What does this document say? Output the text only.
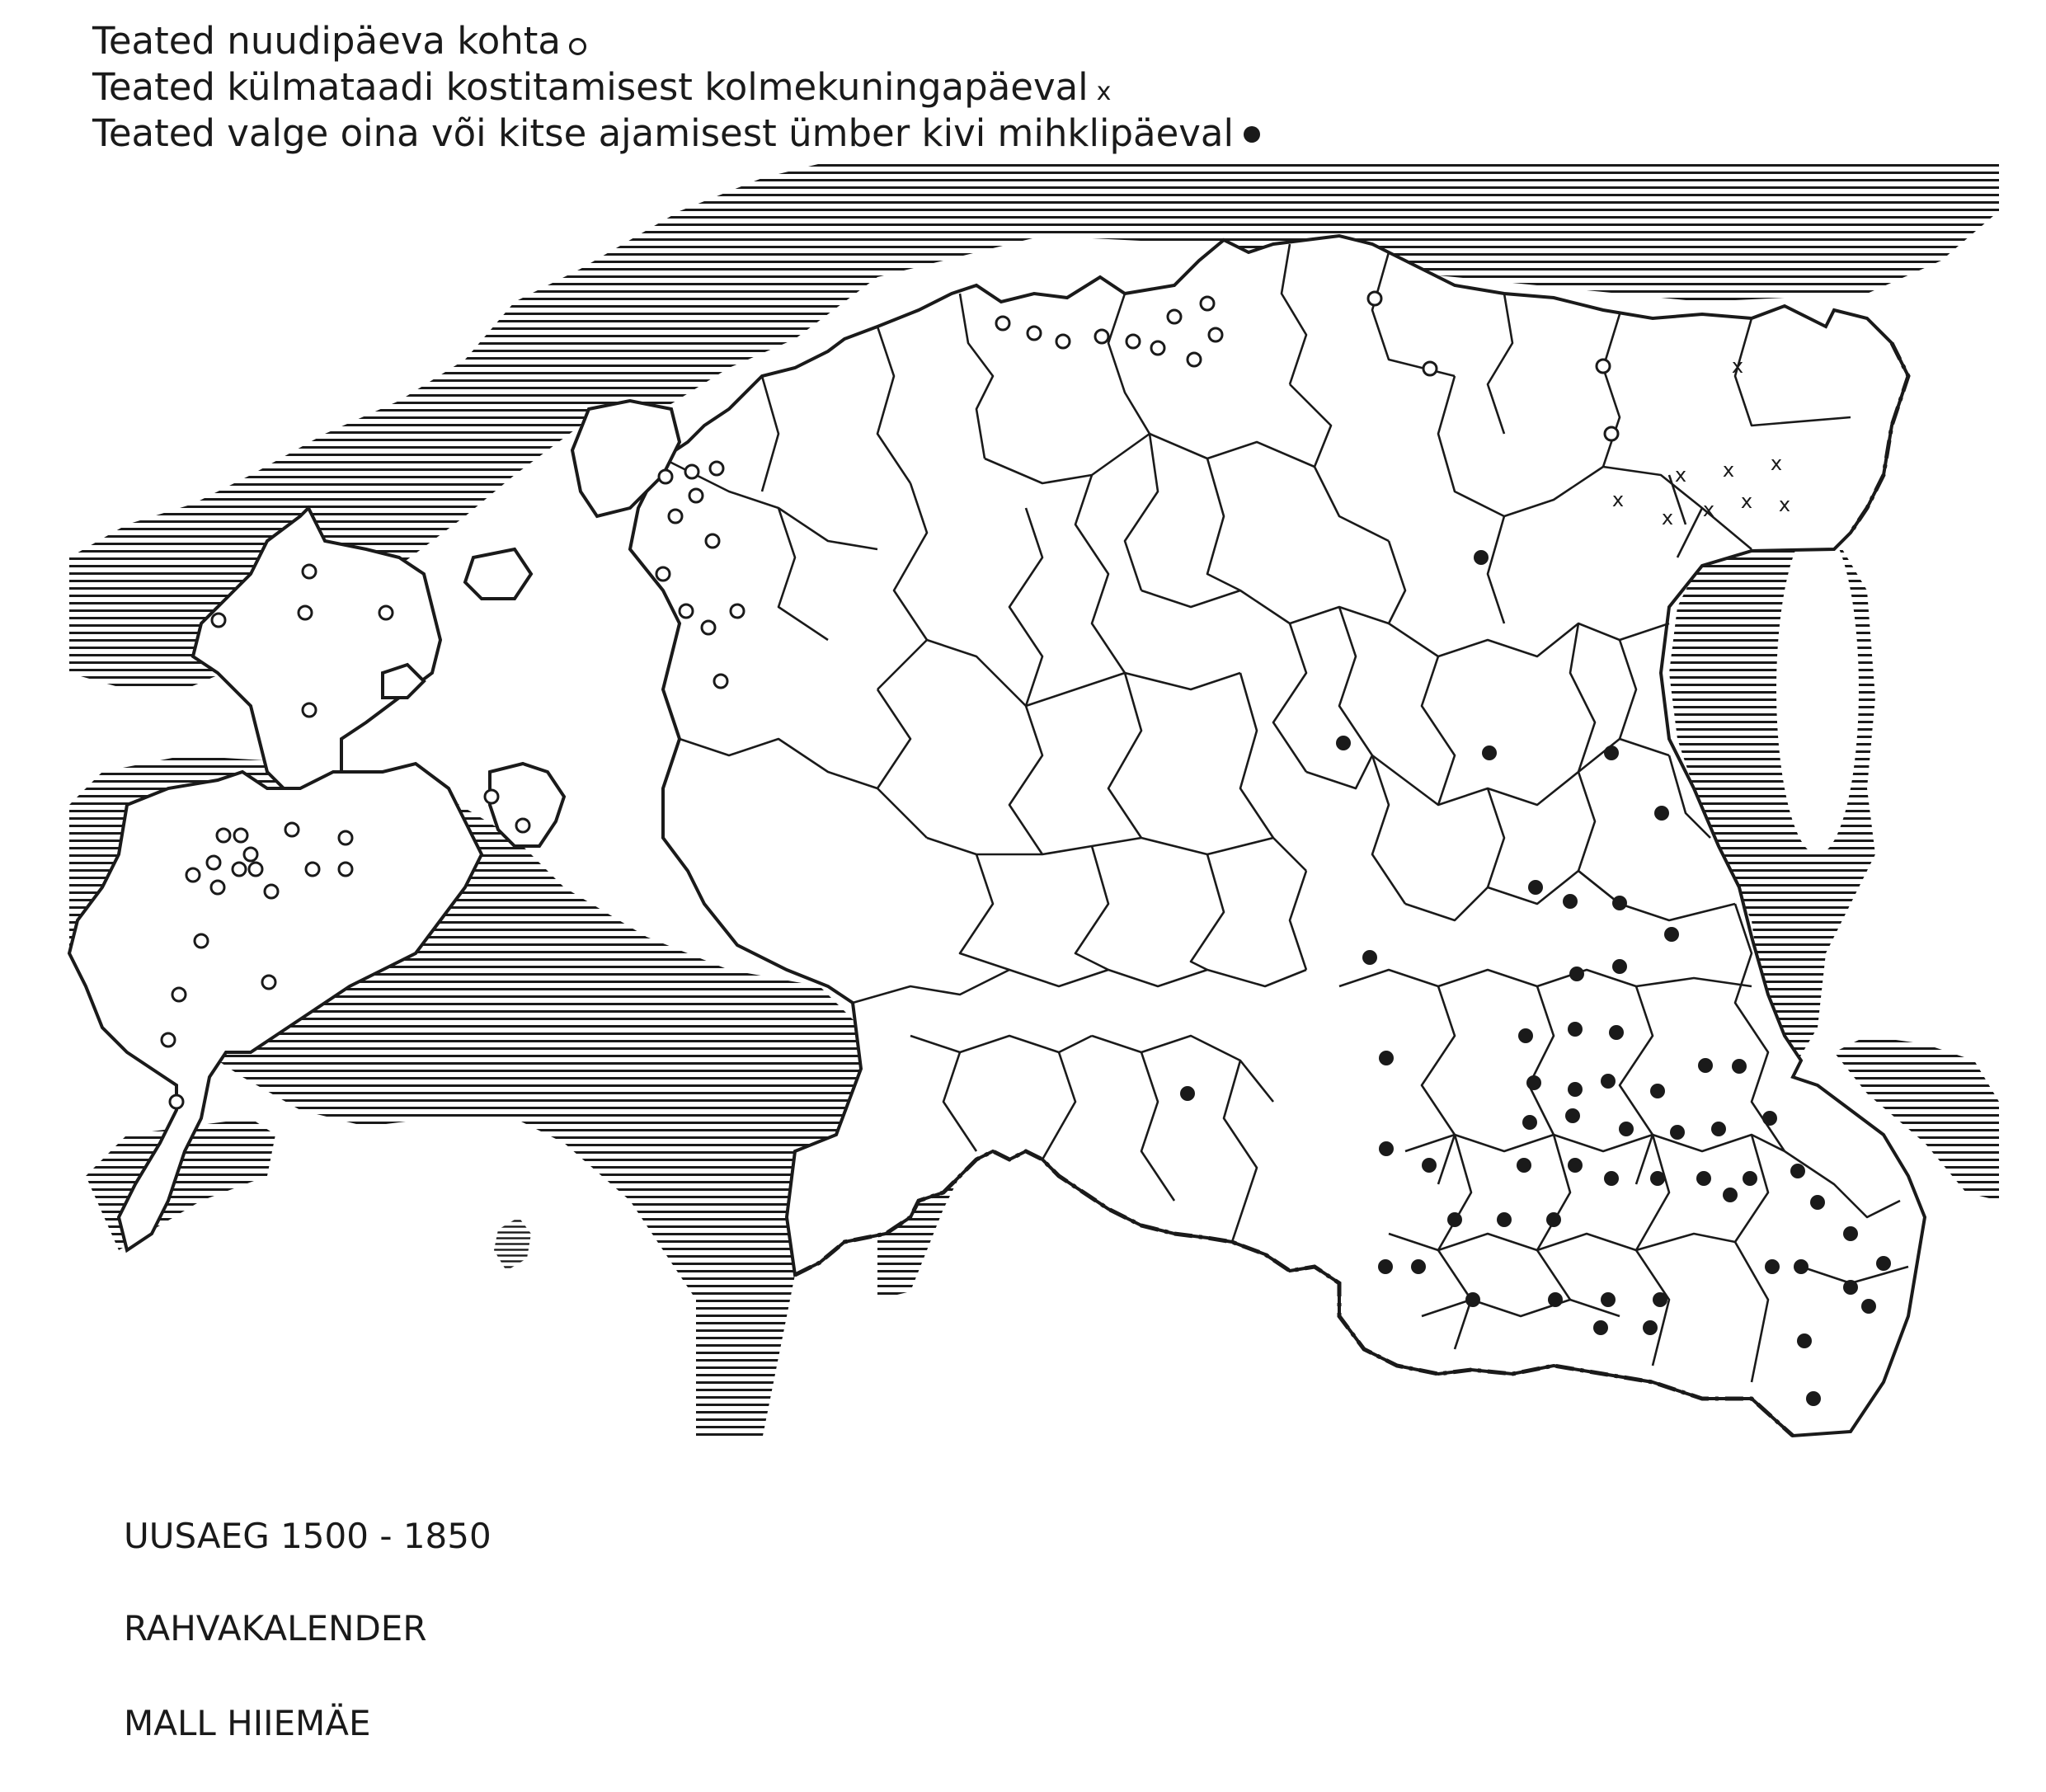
Teated nuudipäeva kohta
Teated külmataadi kostitamisest kolmekuningapäeval x
Teated valge oina või kitse ajamisest ümber kivi mihklipäeval
x
x x x
x
x x x x
UUSAEG 1500 - 1850
RAHVAKALENDER
MALL HIIEMÄE
